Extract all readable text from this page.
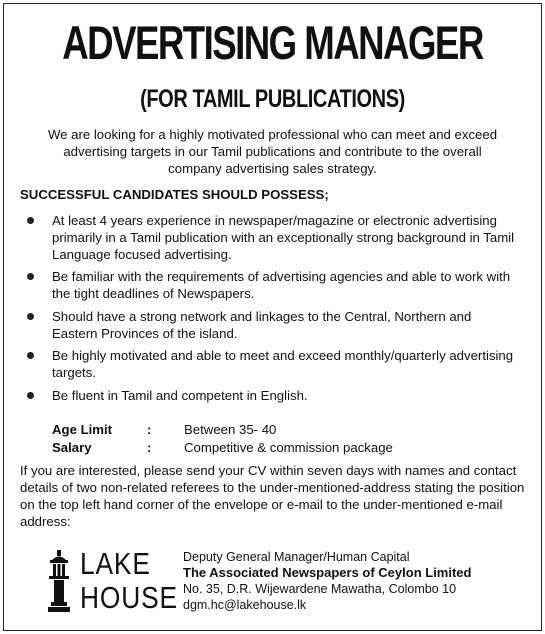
ADVERTISING MANAGER
(FOR TAMIL PUBLICATIONS)

We are looking for a highly motivated professional who can meet and exceed advertising targets in our Tamil publications and contribute to the overall company advertising sales strategy.

SUCCESSFUL CANDIDATES SHOULD POSSESS;

At least 4 years experience in newspaper/magazine or electronic advertising primarily in a Tamil publication with an exceptionally strong background in Tamil Language focused advertising.
Be familiar with the requirements of advertising agencies and able to work with the tight deadlines of Newspapers.
Should have a strong network and linkages to the Central, Northern and Eastern Provinces of the island.
Be highly motivated and able to meet and exceed monthly/quarterly advertising targets.
Be fluent in Tamil and competent in English.
Age Limit	: Between 35- 40
Salary	: Competitive & commission package

If you are interested, please send your CV within seven days with names and contact details of two non-related referees to the under-mentioned-address stating the position on the top left hand corner of the envelope or e-mail to the under-mentioned e-mail address:

LAKE
HOUSE
Deputy General Manager/Human Capital
The Associated Newspapers of Ceylon Limited
No. 35, D.R. Wijewardene Mawatha, Colombo 10
dgm.hc@lakehouse.lk
